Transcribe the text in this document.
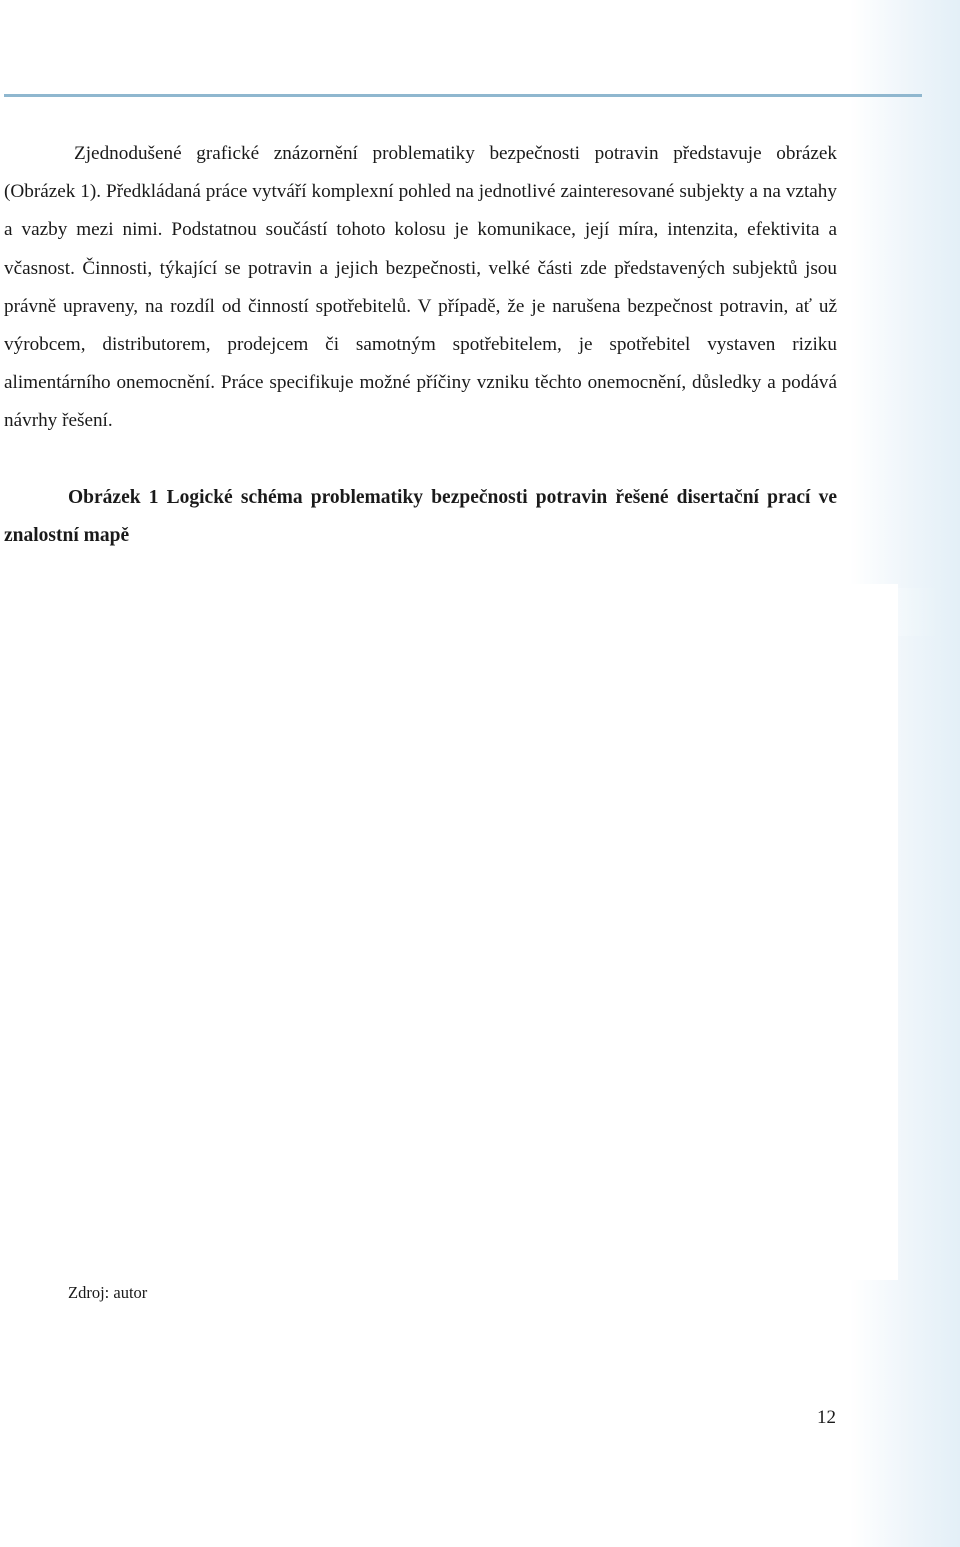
Zjednodušené grafické znázornění problematiky bezpečnosti potravin představuje obrázek (Obrázek 1). Předkládaná práce vytváří komplexní pohled na jednotlivé zainteresované subjekty a na vztahy a vazby mezi nimi. Podstatnou součástí tohoto kolosu je komunikace, její míra, intenzita, efektivita a včasnost. Činnosti, týkající se potravin a jejich bezpečnosti, velké části zde představených subjektů jsou právně upraveny, na rozdíl od činností spotřebitelů. V případě, že je narušena bezpečnost potravin, ať už výrobcem, distributorem, prodejcem či samotným spotřebitelem, je spotřebitel vystaven riziku alimentárního onemocnění. Práce specifikuje možné příčiny vzniku těchto onemocnění, důsledky a podává návrhy řešení.

Obrázek 1 Logické schéma problematiky bezpečnosti potravin řešené disertační prací ve znalostní mapě

Zdroj: autor

12
